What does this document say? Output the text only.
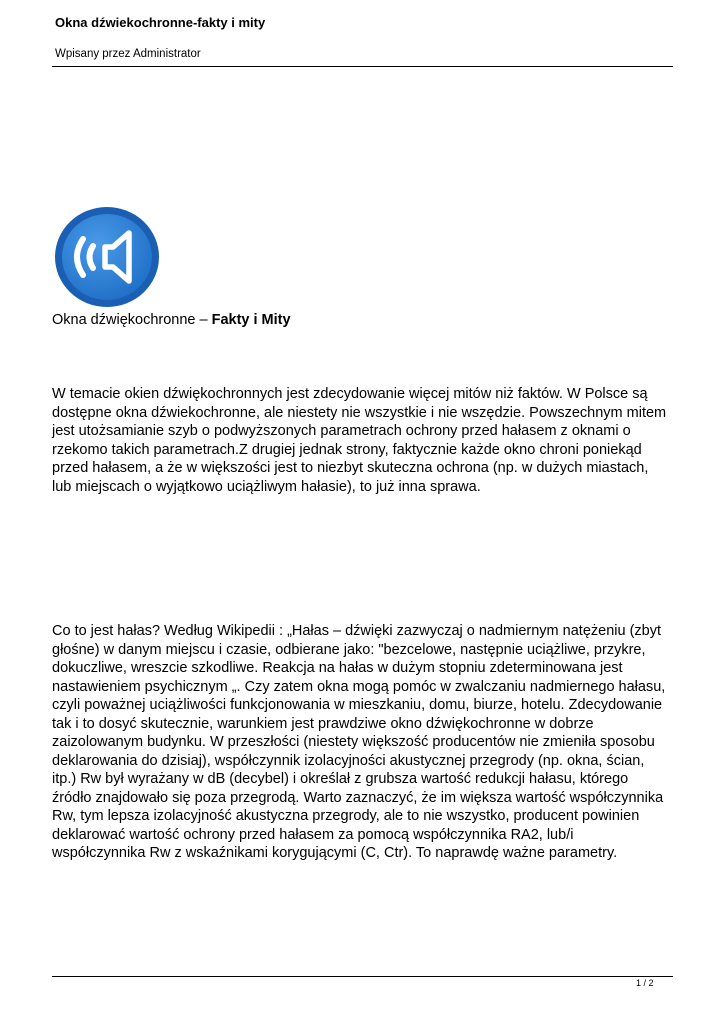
Okna dźwiekochronne-fakty i mity
Wpisany przez Administrator
Okna dźwiękochronne – Fakty i Mity

W temacie okien dźwiękochronnych jest zdecydowanie więcej mitów niż faktów. W Polsce są
dostępne okna dźwiekochronne, ale niestety nie wszystkie i nie wszędzie. Powszechnym mitem
jest utożsamianie szyb o podwyższonych parametrach ochrony przed hałasem z oknami o
rzekomo takich parametrach.Z drugiej jednak strony, faktycznie każde okno chroni poniekąd
przed hałasem, a że w większości jest to niezbyt skuteczna ochrona (np. w dużych miastach,
lub miejscach o wyjątkowo uciążliwym hałasie), to już inna sprawa.

Co to jest hałas? Według Wikipedii : „Hałas – dźwięki zazwyczaj o nadmiernym natężeniu (zbyt
głośne) w danym miejscu i czasie, odbierane jako: "bezcelowe, następnie uciążliwe, przykre,
dokuczliwe, wreszcie szkodliwe. Reakcja na hałas w dużym stopniu zdeterminowana jest
nastawieniem psychicznym „. Czy zatem okna mogą pomóc w zwalczaniu nadmiernego hałasu,
czyli poważnej uciążliwości funkcjonowania w mieszkaniu, domu, biurze, hotelu. Zdecydowanie
tak i to dosyć skutecznie, warunkiem jest prawdziwe okno dźwiękochronne w dobrze
zaizolowanym budynku. W przeszłości (niestety większość producentów nie zmieniła sposobu
deklarowania do dzisiaj), współczynnik izolacyjności akustycznej przegrody (np. okna, ścian,
itp.) Rw był wyrażany w dB (decybel) i określał z grubsza wartość redukcji hałasu, którego
źródło znajdowało się poza przegrodą. Warto zaznaczyć, że im większa wartość współczynnika
Rw, tym lepsza izolacyjność akustyczna przegrody, ale to nie wszystko, producent powinien
deklarować wartość ochrony przed hałasem za pomocą współczynnika RA2, lub/i
współczynnika Rw z wskaźnikami korygującymi (C, Ctr). To naprawdę ważne parametry.

1 / 2
